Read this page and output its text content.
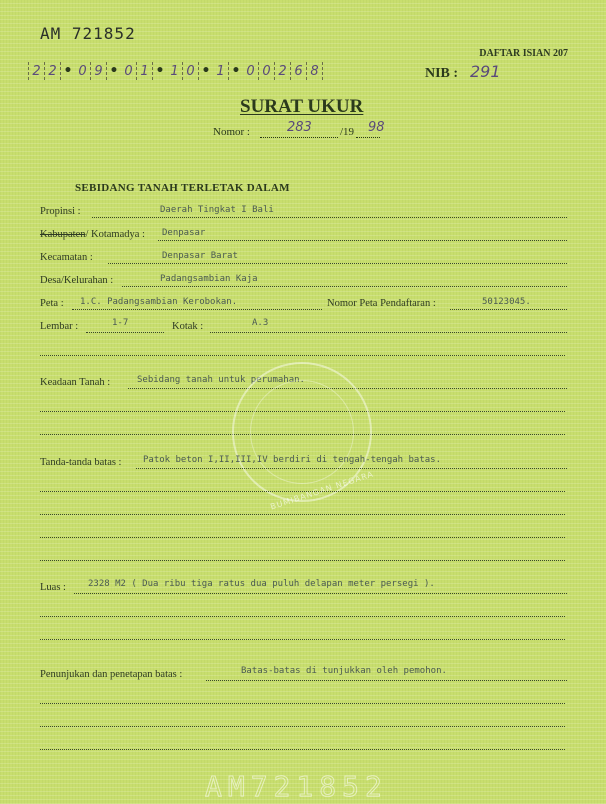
AM 721852
DAFTAR ISIAN 207
2 2 • 0 9 • 0 1 • 1 0 • 1 • 0 0 2 6 8	NIB : 291
SURAT UKUR
Nomor :	283	/19 98
SEBIDANG TANAH TERLETAK DALAM
Propinsi :	Daerah Tingkat I Bali
Kabupaten/ Kotamadya : Denpasar
Kecamatan :	Denpasar Barat
Desa/Kelurahan :	Padangsambian Kaja
Peta : 1.C. Padangsambian Kerobokan.	Nomor Peta Pendaftaran :	50123045.
Lembar :	1-7	Kotak :	A.3
Keadaan Tanah :	Sebidang tanah untuk perumahan.
BUMIBANGAN NEGARA
Tanda-tanda batas : Patok beton I,II,III,IV berdiri di tengah-tengah batas.
Luas : 2328 M2 ( Dua ribu tiga ratus dua puluh delapan meter persegi ).
Penunjukan dan penetapan batas :	Batas-batas di tunjukkan oleh pemohon.
AM721852
